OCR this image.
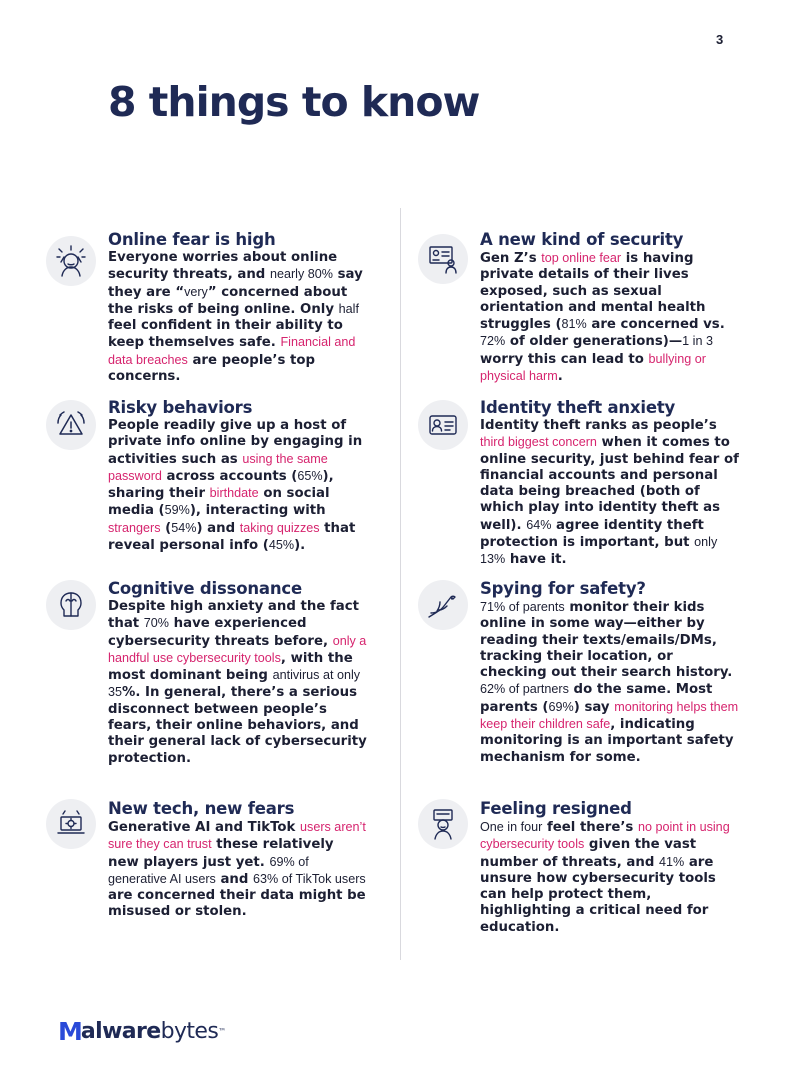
3
8 things to know
Online fear is high
Everyone worries about online security threats, and nearly 80% say they are “very” concerned about the risks of being online. Only half feel confident in their ability to keep themselves safe. Financial and data breaches are people’s top concerns.
Risky behaviors
People readily give up a host of private info online by engaging in activities such as using the same password across accounts (65%), sharing their birthdate on social media (59%), interacting with strangers (54%) and taking quizzes that reveal personal info (45%).
Cognitive dissonance
Despite high anxiety and the fact that 70% have experienced cybersecurity threats before, only a handful use cybersecurity tools, with the most dominant being antivirus at only 35%. In general, there’s a serious disconnect between people’s fears, their online behaviors, and their general lack of cybersecurity protection.
New tech, new fears
Generative AI and TikTok users aren’t sure they can trust these relatively new players just yet. 69% of generative AI users and 63% of TikTok users are concerned their data might be misused or stolen.
A new kind of security
Gen Z’s top online fear is having private details of their lives exposed, such as sexual orientation and mental health struggles (81% are concerned vs. 72% of older generations)—1 in 3 worry this can lead to bullying or physical harm.
Identity theft anxiety
Identity theft ranks as people’s third biggest concern when it comes to online security, just behind fear of financial accounts and personal data being breached (both of which play into identity theft as well). 64% agree identity theft protection is important, but only 13% have it.
Spying for safety?
71% of parents monitor their kids online in some way—either by reading their texts/emails/DMs, tracking their location, or checking out their search history. 62% of partners do the same. Most parents (69%) say monitoring helps them keep their children safe, indicating monitoring is an important safety mechanism for some.
Feeling resigned
One in four feel there’s no point in using cybersecurity tools given the vast number of threats, and 41% are unsure how cybersecurity tools can help protect them, highlighting a critical need for education.
M alware bytes ™
